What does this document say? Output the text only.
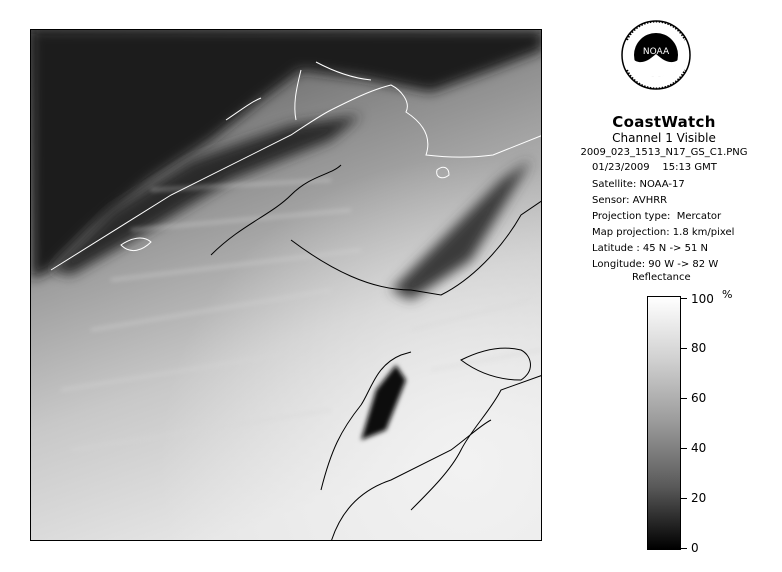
NOAA
CoastWatch
Channel 1 Visible
2009_023_1513_N17_GS_C1.PNG
01/23/2009    15:13 GMT
Satellite: NOAA-17
Sensor: AVHRR
Projection type:  Mercator
Map projection: 1.8 km/pixel
Latitude : 45 N -> 51 N
Longitude: 90 W -> 82 W
Reflectance
100 %
80
60
40
20
0
